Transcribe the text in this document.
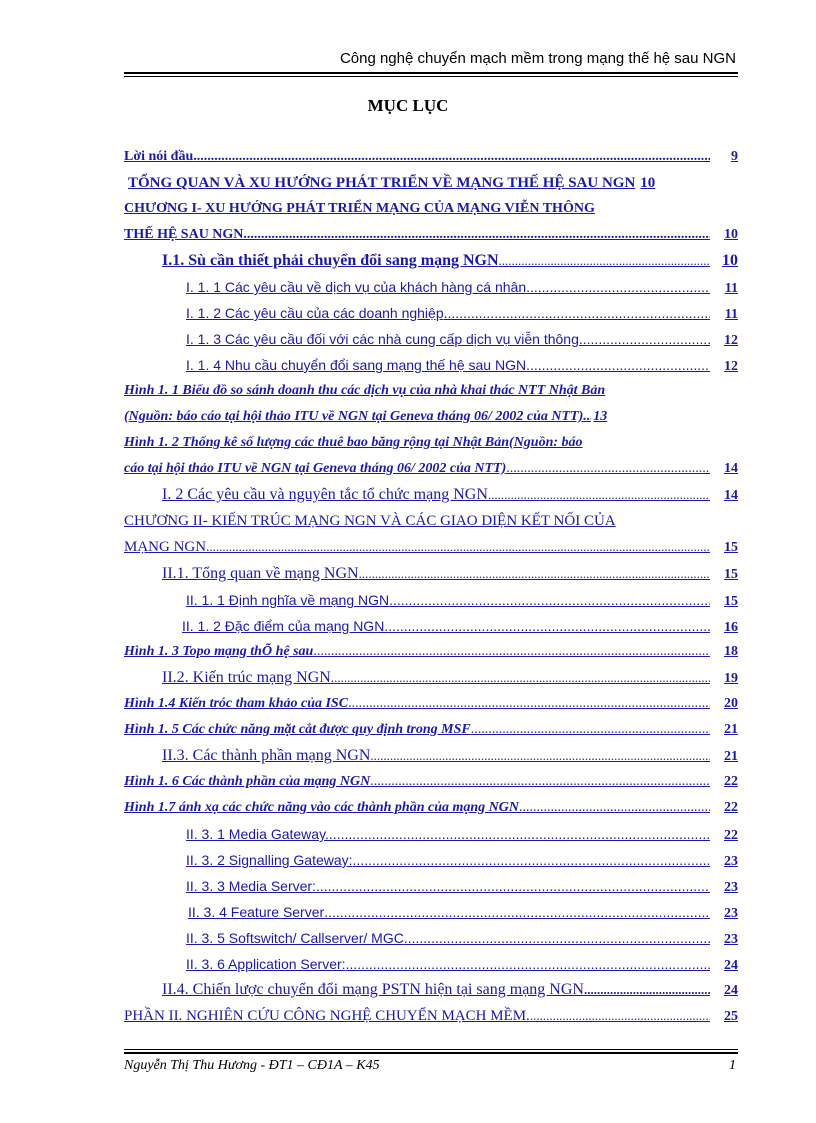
Công nghệ chuyển mạch mềm trong mạng thế hệ sau NGN
MỤC LỤC
Lời nói đầu .....	9
TỔNG QUAN VÀ XU HƯỚNG PHÁT TRIỂN VỀ MẠNG THẾ HỆ SAU NGN 10
CHƯƠNG I- XU HƯỚNG PHÁT TRIỂN MẠNG CỦA MẠNG VIỄN THÔNG
THẾ HỆ SAU NGN .....	10
I.1. Sù cần thiết phải chuyển đổi sang mạng NGN .....	10
I. 1. 1 Các yêu cầu về dịch vụ của khách hàng cá nhân .....	11
I. 1. 2 Các yêu cầu của các doanh nghiệp .....	11
I. 1. 3 Các yêu cầu đối với các nhà cung cấp dịch vụ viễn thông .....	12
I. 1. 4 Nhu cầu chuyển đổi sang mạng thế hệ sau NGN .....	12
Hình 1. 1 Biểu đồ so sánh doanh thu các dịch vụ của nhà khai thác NTT Nhật Bản
(Nguồn: báo cáo tại hội thảo ITU về NGN tại Geneva tháng 06/ 2002 của NTT) ..... 13
Hình 1. 2 Thống kê số lượng các thuê bao băng rộng tại Nhật Bản(Nguồn: báo
cáo tại hội thảo ITU về NGN tại Geneva tháng 06/ 2002 của NTT) .....	14
I. 2 Các yêu cầu và nguyên tắc tổ chức mạng NGN .....	14
CHƯƠNG II- KIẾN TRÚC MẠNG NGN VÀ CÁC GIAO DIỆN KẾT NỐI CỦA
MẠNG NGN .....	15
II.1. Tổng quan về mạng NGN .....	15
II. 1. 1 Định nghĩa về mạng NGN .....	15
II. 1. 2 Đặc điểm của mạng NGN. .....	16
Hình 1. 3 Topo mạng thÕ hệ sau .....	18
II.2. Kiến trúc mạng NGN .....	19
Hình 1.4 Kiến tróc tham khảo của ISC .....	20
Hình 1. 5 Các chức năng mặt cắt được quy định trong MSF .....	21
II.3. Các thành phần mạng NGN .....	21
Hình 1. 6 Các thành phần của mạng NGN .....	22
Hình 1.7 ánh xạ các chức năng vào các thành phần của mạng NGN .....	22
II. 3. 1 Media Gateway. .....	22
II. 3. 2 Signalling Gateway: .....	23
II. 3. 3 Media Server: .....	23
II. 3. 4 Feature Server .....	23
II. 3. 5 Softswitch/ Callserver/ MGC .....	23
II. 3. 6 Application Server: .....	24
II.4. Chiến lược chuyển đổi mạng PSTN hiện tại sang mạng NGN .....	24
PHẦN II. NGHIÊN CỨU CÔNG NGHỆ CHUYỂN MẠCH MỀM. .....	25
Nguyễn Thị Thu Hương - ĐT1 – CĐ1A – K45	1
